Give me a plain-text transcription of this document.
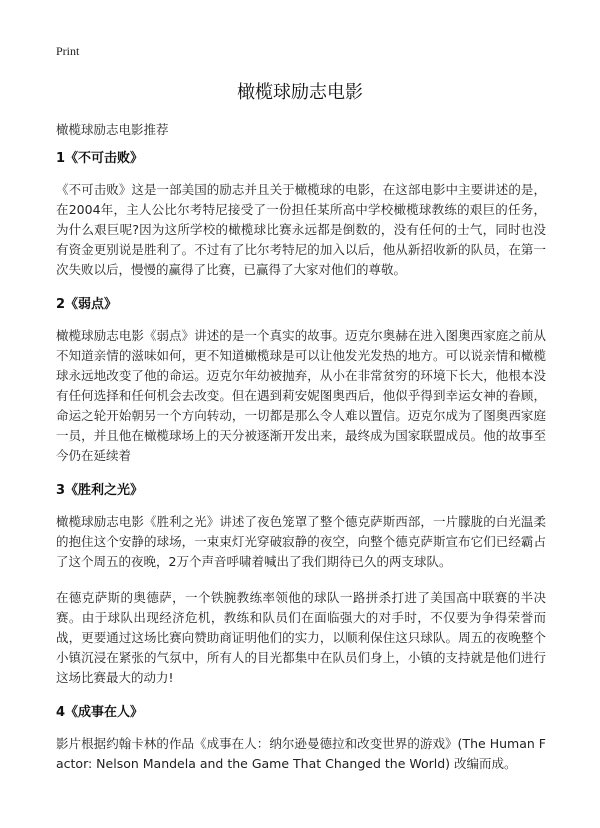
Print
橄榄球励志电影
橄榄球励志电影推荐
1《不可击败》

《不可击败》这是一部美国的励志并且关于橄榄球的电影，在这部电影中主要讲述的是，在2004年，主人公比尔考特尼接受了一份担任某所高中学校橄榄球教练的艰巨的任务，为什么艰巨呢?因为这所学校的橄榄球比赛永远都是倒数的，没有任何的士气，同时也没有资金更别说是胜利了。不过有了比尔考特尼的加入以后，他从新招收新的队员，在第一次失败以后，慢慢的赢得了比赛，已赢得了大家对他们的尊敬。

2《弱点》

橄榄球励志电影《弱点》讲述的是一个真实的故事。迈克尔奥赫在进入图奥西家庭之前从不知道亲情的滋味如何，更不知道橄榄球是可以让他发光发热的地方。可以说亲情和橄榄球永远地改变了他的命运。迈克尔年幼被抛弃，从小在非常贫穷的环境下长大，他根本没有任何选择和任何机会去改变。但在遇到莉安妮图奥西后，他似乎得到幸运女神的眷顾，命运之轮开始朝另一个方向转动，一切都是那么令人难以置信。迈克尔成为了图奥西家庭一员，并且他在橄榄球场上的天分被逐渐开发出来，最终成为国家联盟成员。他的故事至今仍在延续着

3《胜利之光》

橄榄球励志电影《胜利之光》讲述了夜色笼罩了整个德克萨斯西部，一片朦胧的白光温柔的抱住这个安静的球场，一束束灯光穿破寂静的夜空，向整个德克萨斯宣布它们已经霸占了这个周五的夜晚，2万个声音呼啸着喊出了我们期待已久的两支球队。

在德克萨斯的奥德萨，一个铁腕教练率领他的球队一路拼杀打进了美国高中联赛的半决赛。由于球队出现经济危机，教练和队员们在面临强大的对手时，不仅要为争得荣誉而战，更要通过这场比赛向赞助商证明他们的实力，以顺利保住这只球队。周五的夜晚整个小镇沉浸在紧张的气氛中，所有人的目光都集中在队员们身上，小镇的支持就是他们进行这场比赛最大的动力!

4《成事在人》

影片根据约翰卡林的作品《成事在人：纳尔逊曼德拉和改变世界的游戏》(The Human Factor: Nelson Mandela and the Game That Changed the World) 改编而成。
